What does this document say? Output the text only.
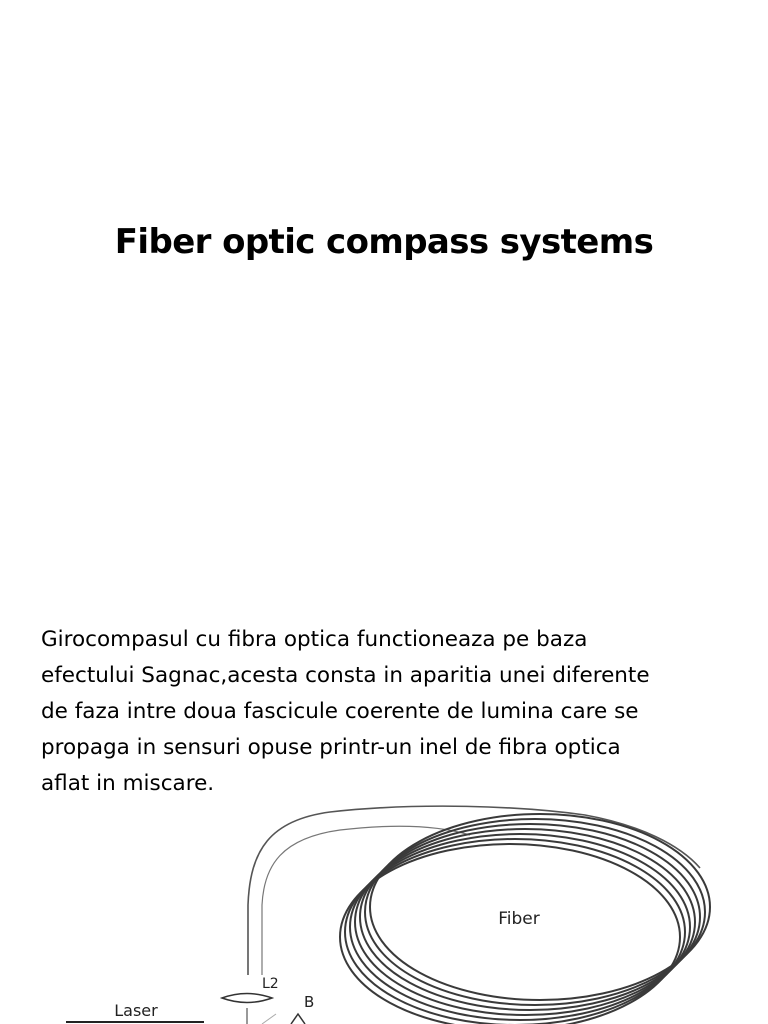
Fiber optic compass systems
Girocompasul cu fibra optica functioneaza pe baza
efectului Sagnac,acesta consta in aparitia unei diferente
de faza intre doua fascicule coerente de lumina care se
propaga in sensuri opuse printr-un inel de fibra optica
aflat in miscare.
Fiber
L2
B
Laser
